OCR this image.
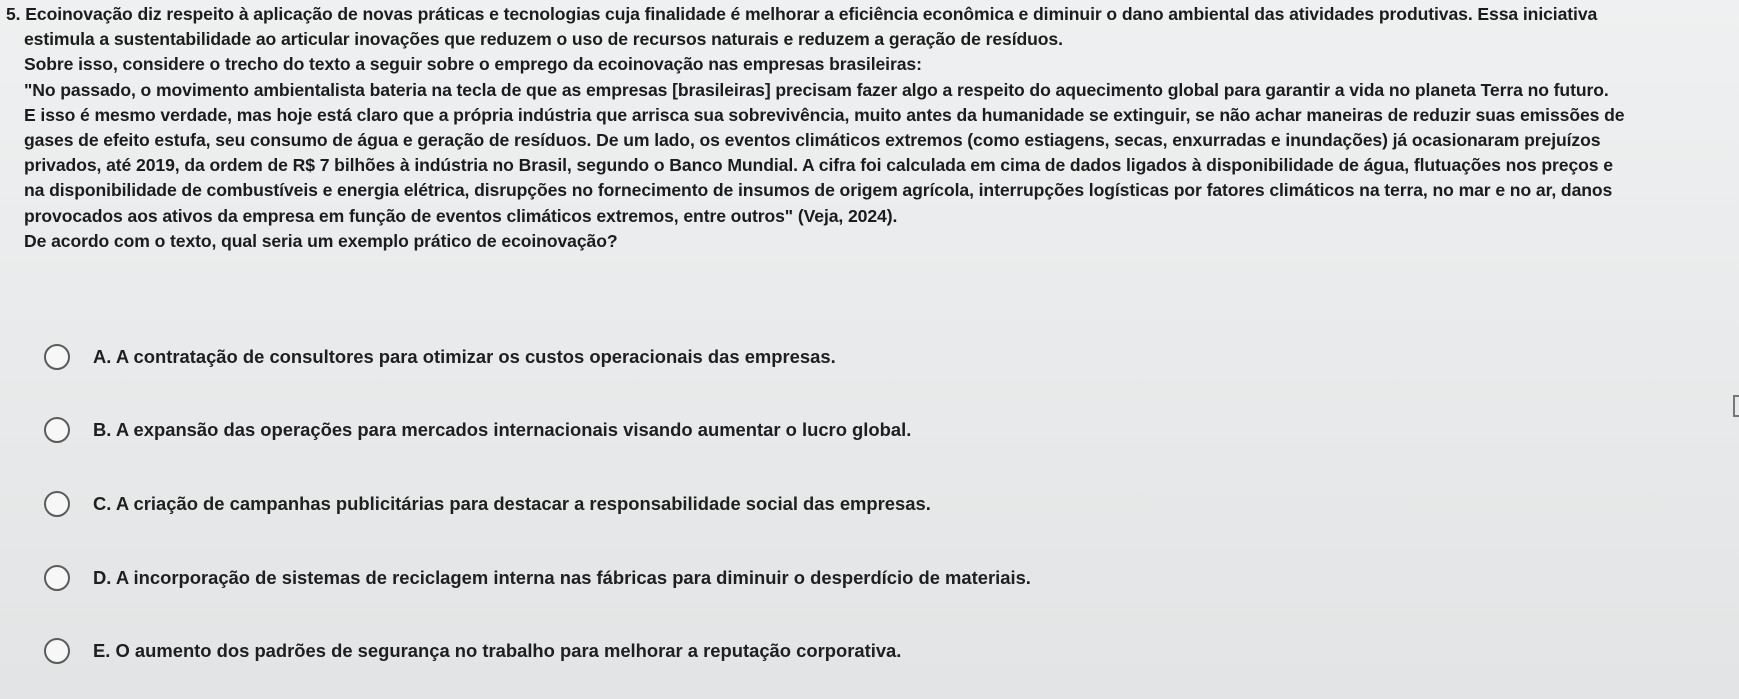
5. Ecoinovação diz respeito à aplicação de novas práticas e tecnologias cuja finalidade é melhorar a eficiência econômica e diminuir o dano ambiental das atividades produtivas. Essa iniciativa
estimula a sustentabilidade ao articular inovações que reduzem o uso de recursos naturais e reduzem a geração de resíduos.
Sobre isso, considere o trecho do texto a seguir sobre o emprego da ecoinovação nas empresas brasileiras:
"No passado, o movimento ambientalista bateria na tecla de que as empresas [brasileiras] precisam fazer algo a respeito do aquecimento global para garantir a vida no planeta Terra no futuro.
E isso é mesmo verdade, mas hoje está claro que a própria indústria que arrisca sua sobrevivência, muito antes da humanidade se extinguir, se não achar maneiras de reduzir suas emissões de
gases de efeito estufa, seu consumo de água e geração de resíduos. De um lado, os eventos climáticos extremos (como estiagens, secas, enxurradas e inundações) já ocasionaram prejuízos
privados, até 2019, da ordem de R$ 7 bilhões à indústria no Brasil, segundo o Banco Mundial. A cifra foi calculada em cima de dados ligados à disponibilidade de água, flutuações nos preços e
na disponibilidade de combustíveis e energia elétrica, disrupções no fornecimento de insumos de origem agrícola, interrupções logísticas por fatores climáticos na terra, no mar e no ar, danos
provocados aos ativos da empresa em função de eventos climáticos extremos, entre outros" (Veja, 2024).
De acordo com o texto, qual seria um exemplo prático de ecoinovação?
A. A contratação de consultores para otimizar os custos operacionais das empresas.
B. A expansão das operações para mercados internacionais visando aumentar o lucro global.
C. A criação de campanhas publicitárias para destacar a responsabilidade social das empresas.
D. A incorporação de sistemas de reciclagem interna nas fábricas para diminuir o desperdício de materiais.
E. O aumento dos padrões de segurança no trabalho para melhorar a reputação corporativa.
